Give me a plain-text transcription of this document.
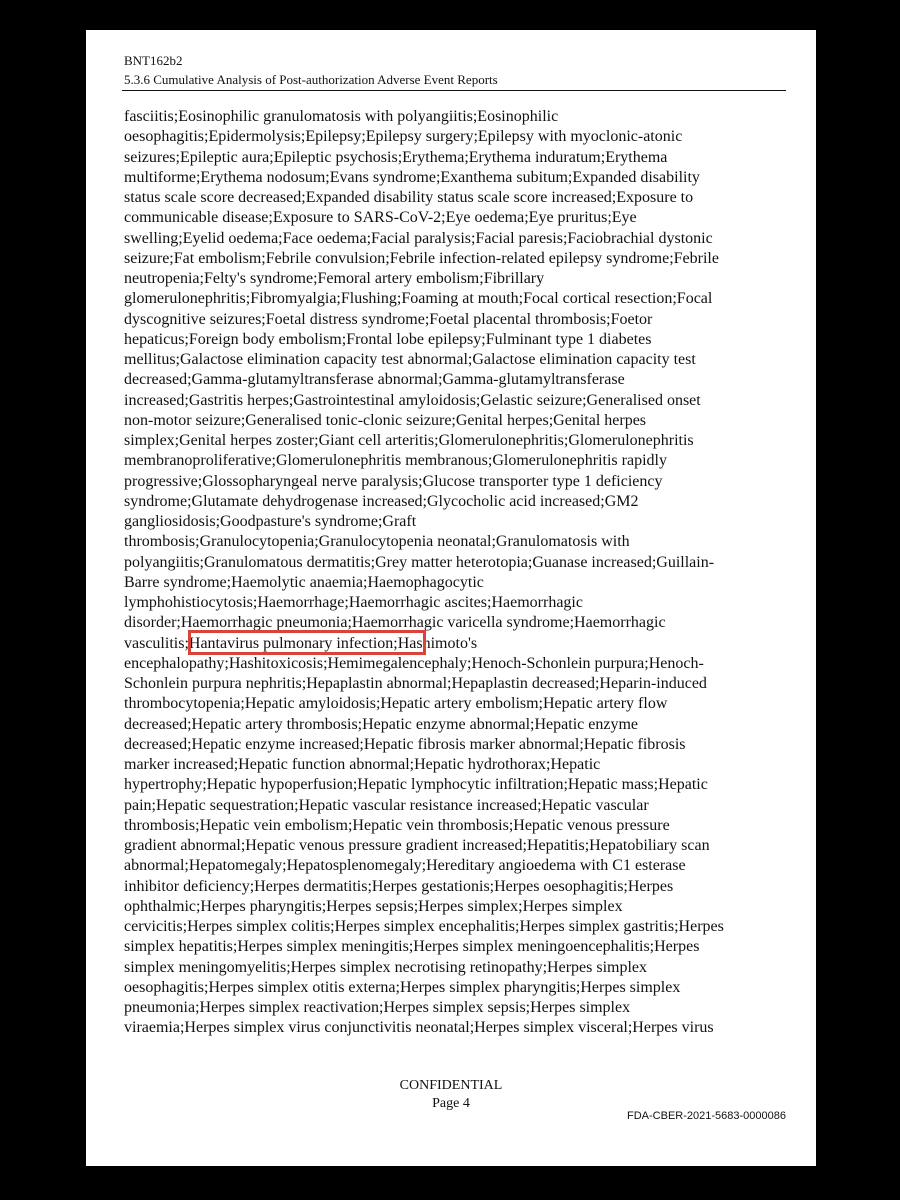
BNT162b2
5.3.6 Cumulative Analysis of Post-authorization Adverse Event Reports
fasciitis;Eosinophilic granulomatosis with polyangiitis;Eosinophilic
oesophagitis;Epidermolysis;Epilepsy;Epilepsy surgery;Epilepsy with myoclonic-atonic
seizures;Epileptic aura;Epileptic psychosis;Erythema;Erythema induratum;Erythema
multiforme;Erythema nodosum;Evans syndrome;Exanthema subitum;Expanded disability
status scale score decreased;Expanded disability status scale score increased;Exposure to
communicable disease;Exposure to SARS-CoV-2;Eye oedema;Eye pruritus;Eye
swelling;Eyelid oedema;Face oedema;Facial paralysis;Facial paresis;Faciobrachial dystonic
seizure;Fat embolism;Febrile convulsion;Febrile infection-related epilepsy syndrome;Febrile
neutropenia;Felty's syndrome;Femoral artery embolism;Fibrillary
glomerulonephritis;Fibromyalgia;Flushing;Foaming at mouth;Focal cortical resection;Focal
dyscognitive seizures;Foetal distress syndrome;Foetal placental thrombosis;Foetor
hepaticus;Foreign body embolism;Frontal lobe epilepsy;Fulminant type 1 diabetes
mellitus;Galactose elimination capacity test abnormal;Galactose elimination capacity test
decreased;Gamma-glutamyltransferase abnormal;Gamma-glutamyltransferase
increased;Gastritis herpes;Gastrointestinal amyloidosis;Gelastic seizure;Generalised onset
non-motor seizure;Generalised tonic-clonic seizure;Genital herpes;Genital herpes
simplex;Genital herpes zoster;Giant cell arteritis;Glomerulonephritis;Glomerulonephritis
membranoproliferative;Glomerulonephritis membranous;Glomerulonephritis rapidly
progressive;Glossopharyngeal nerve paralysis;Glucose transporter type 1 deficiency
syndrome;Glutamate dehydrogenase increased;Glycocholic acid increased;GM2
gangliosidosis;Goodpasture's syndrome;Graft
thrombosis;Granulocytopenia;Granulocytopenia neonatal;Granulomatosis with
polyangiitis;Granulomatous dermatitis;Grey matter heterotopia;Guanase increased;Guillain-
Barre syndrome;Haemolytic anaemia;Haemophagocytic
lymphohistiocytosis;Haemorrhage;Haemorrhagic ascites;Haemorrhagic
disorder;Haemorrhagic pneumonia;Haemorrhagic varicella syndrome;Haemorrhagic
vasculitis;Hantavirus pulmonary infection;Hashimoto's
encephalopathy;Hashitoxicosis;Hemimegalencephaly;Henoch-Schonlein purpura;Henoch-
Schonlein purpura nephritis;Hepaplastin abnormal;Hepaplastin decreased;Heparin-induced
thrombocytopenia;Hepatic amyloidosis;Hepatic artery embolism;Hepatic artery flow
decreased;Hepatic artery thrombosis;Hepatic enzyme abnormal;Hepatic enzyme
decreased;Hepatic enzyme increased;Hepatic fibrosis marker abnormal;Hepatic fibrosis
marker increased;Hepatic function abnormal;Hepatic hydrothorax;Hepatic
hypertrophy;Hepatic hypoperfusion;Hepatic lymphocytic infiltration;Hepatic mass;Hepatic
pain;Hepatic sequestration;Hepatic vascular resistance increased;Hepatic vascular
thrombosis;Hepatic vein embolism;Hepatic vein thrombosis;Hepatic venous pressure
gradient abnormal;Hepatic venous pressure gradient increased;Hepatitis;Hepatobiliary scan
abnormal;Hepatomegaly;Hepatosplenomegaly;Hereditary angioedema with C1 esterase
inhibitor deficiency;Herpes dermatitis;Herpes gestationis;Herpes oesophagitis;Herpes
ophthalmic;Herpes pharyngitis;Herpes sepsis;Herpes simplex;Herpes simplex
cervicitis;Herpes simplex colitis;Herpes simplex encephalitis;Herpes simplex gastritis;Herpes
simplex hepatitis;Herpes simplex meningitis;Herpes simplex meningoencephalitis;Herpes
simplex meningomyelitis;Herpes simplex necrotising retinopathy;Herpes simplex
oesophagitis;Herpes simplex otitis externa;Herpes simplex pharyngitis;Herpes simplex
pneumonia;Herpes simplex reactivation;Herpes simplex sepsis;Herpes simplex
viraemia;Herpes simplex virus conjunctivitis neonatal;Herpes simplex visceral;Herpes virus
CONFIDENTIAL
Page 4
FDA-CBER-2021-5683-0000086
